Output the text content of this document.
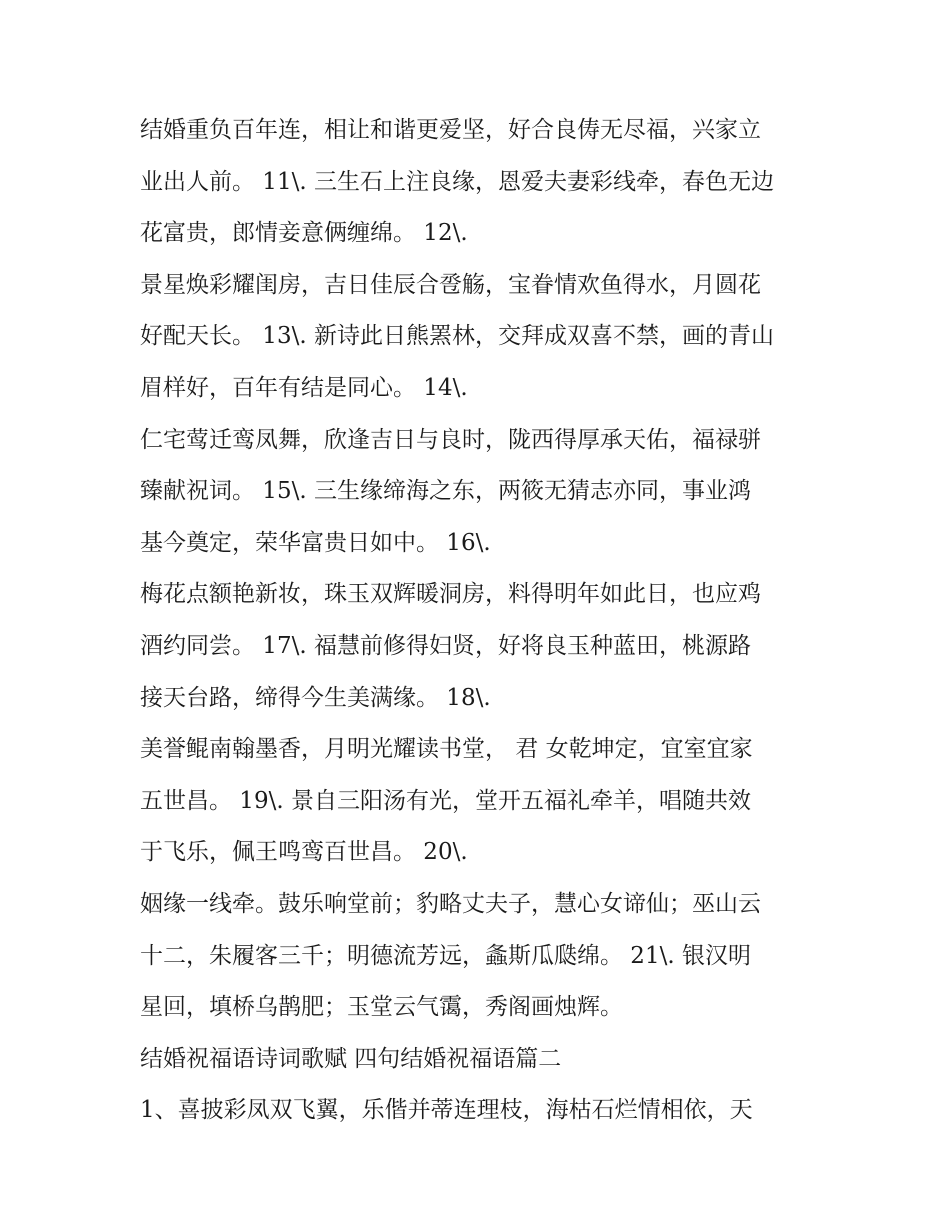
结婚重负百年连，相让和谐更爱坚，好合良俦无尽福，兴家立
业出人前。 11\. 三生石上注良缘，恩爱夫妻彩线牵，春色无边
花富贵，郎情妾意俩缠绵。 12\.
景星焕彩耀闺房，吉日佳辰合卺觞，宝眷情欢鱼得水，月圆花
好配天长。 13\. 新诗此日熊罴林，交拜成双喜不禁，画的青山
眉样好，百年有结是同心。 14\.
仁宅莺迁鸾凤舞，欣逢吉日与良时，陇西得厚承天佑，福禄骈
臻献祝词。 15\. 三生缘缔海之东，两筱无猜志亦同，事业鸿
基今奠定，荣华富贵日如中。 16\.
梅花点额艳新妆，珠玉双辉暖洞房，料得明年如此日，也应鸡
酒约同尝。 17\. 福慧前修得妇贤，好将良玉种蓝田，桃源路
接天台路，缔得今生美满缘。 18\.
美誉鲲南翰墨香，月明光耀读书堂， 君 女乾坤定，宜室宜家
五世昌。 19\. 景自三阳汤有光，堂开五福礼牵羊，唱随共效
于飞乐，佩王鸣鸾百世昌。 20\.
姻缘一线牵。鼓乐响堂前；豹略丈夫子，慧心女谛仙；巫山云
十二，朱履客三千；明德流芳远，螽斯瓜瓞绵。 21\. 银汉明
星回，填桥乌鹊肥；玉堂云气霭，秀阁画烛辉。
结婚祝福语诗词歌赋 四句结婚祝福语篇二
1、喜披彩凤双飞翼，乐偕并蒂连理枝，海枯石烂情相依，天
